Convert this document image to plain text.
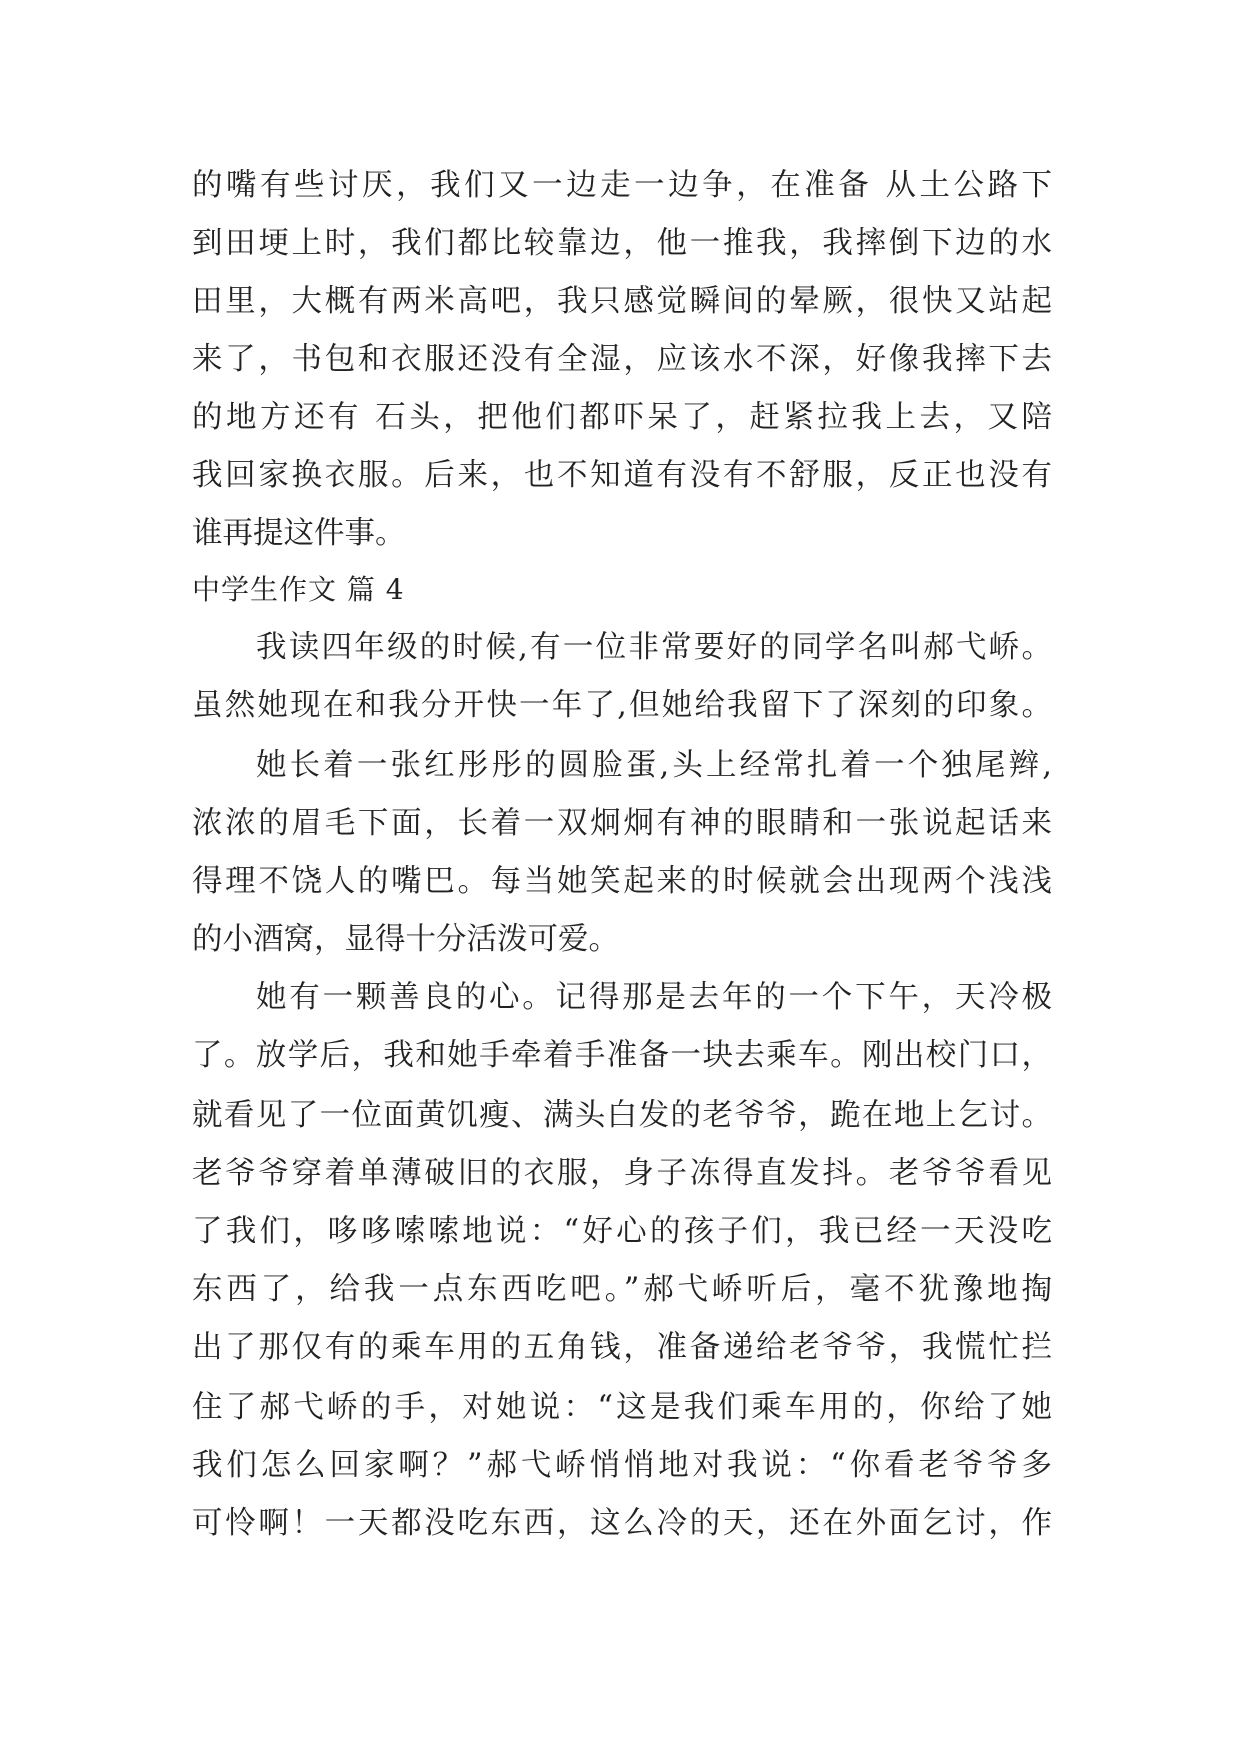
的嘴有些讨厌，我们又一边走一边争，在准备 从土公路下
到田埂上时，我们都比较靠边，他一推我，我摔倒下边的水
田里，大概有两米高吧，我只感觉瞬间的晕厥，很快又站起
来了，书包和衣服还没有全湿，应该水不深，好像我摔下去
的地方还有 石头，把他们都吓呆了，赶紧拉我上去，又陪
我回家换衣服。后来，也不知道有没有不舒服，反正也没有
谁再提这件事。
中学生作文 篇 4
我读四年级的时候,有一位非常要好的同学名叫郝弋峤。
虽然她现在和我分开快一年了,但她给我留下了深刻的印象。
她长着一张红彤彤的圆脸蛋,头上经常扎着一个独尾辫,
浓浓的眉毛下面，长着一双炯炯有神的眼睛和一张说起话来
得理不饶人的嘴巴。每当她笑起来的时候就会出现两个浅浅
的小酒窝，显得十分活泼可爱。
她有一颗善良的心。记得那是去年的一个下午，天冷极
了。放学后，我和她手牵着手准备一块去乘车。刚出校门口，
就看见了一位面黄饥瘦、满头白发的老爷爷，跪在地上乞讨。
老爷爷穿着单薄破旧的衣服，身子冻得直发抖。老爷爷看见
了我们，哆哆嗦嗦地说：“好心的孩子们，我已经一天没吃
东西了，给我一点东西吃吧。”郝弋峤听后，毫不犹豫地掏
出了那仅有的乘车用的五角钱，准备递给老爷爷，我慌忙拦
住了郝弋峤的手，对她说：“这是我们乘车用的，你给了她
我们怎么回家啊？”郝弋峤悄悄地对我说：“你看老爷爷多
可怜啊！一天都没吃东西，这么冷的天，还在外面乞讨，作
